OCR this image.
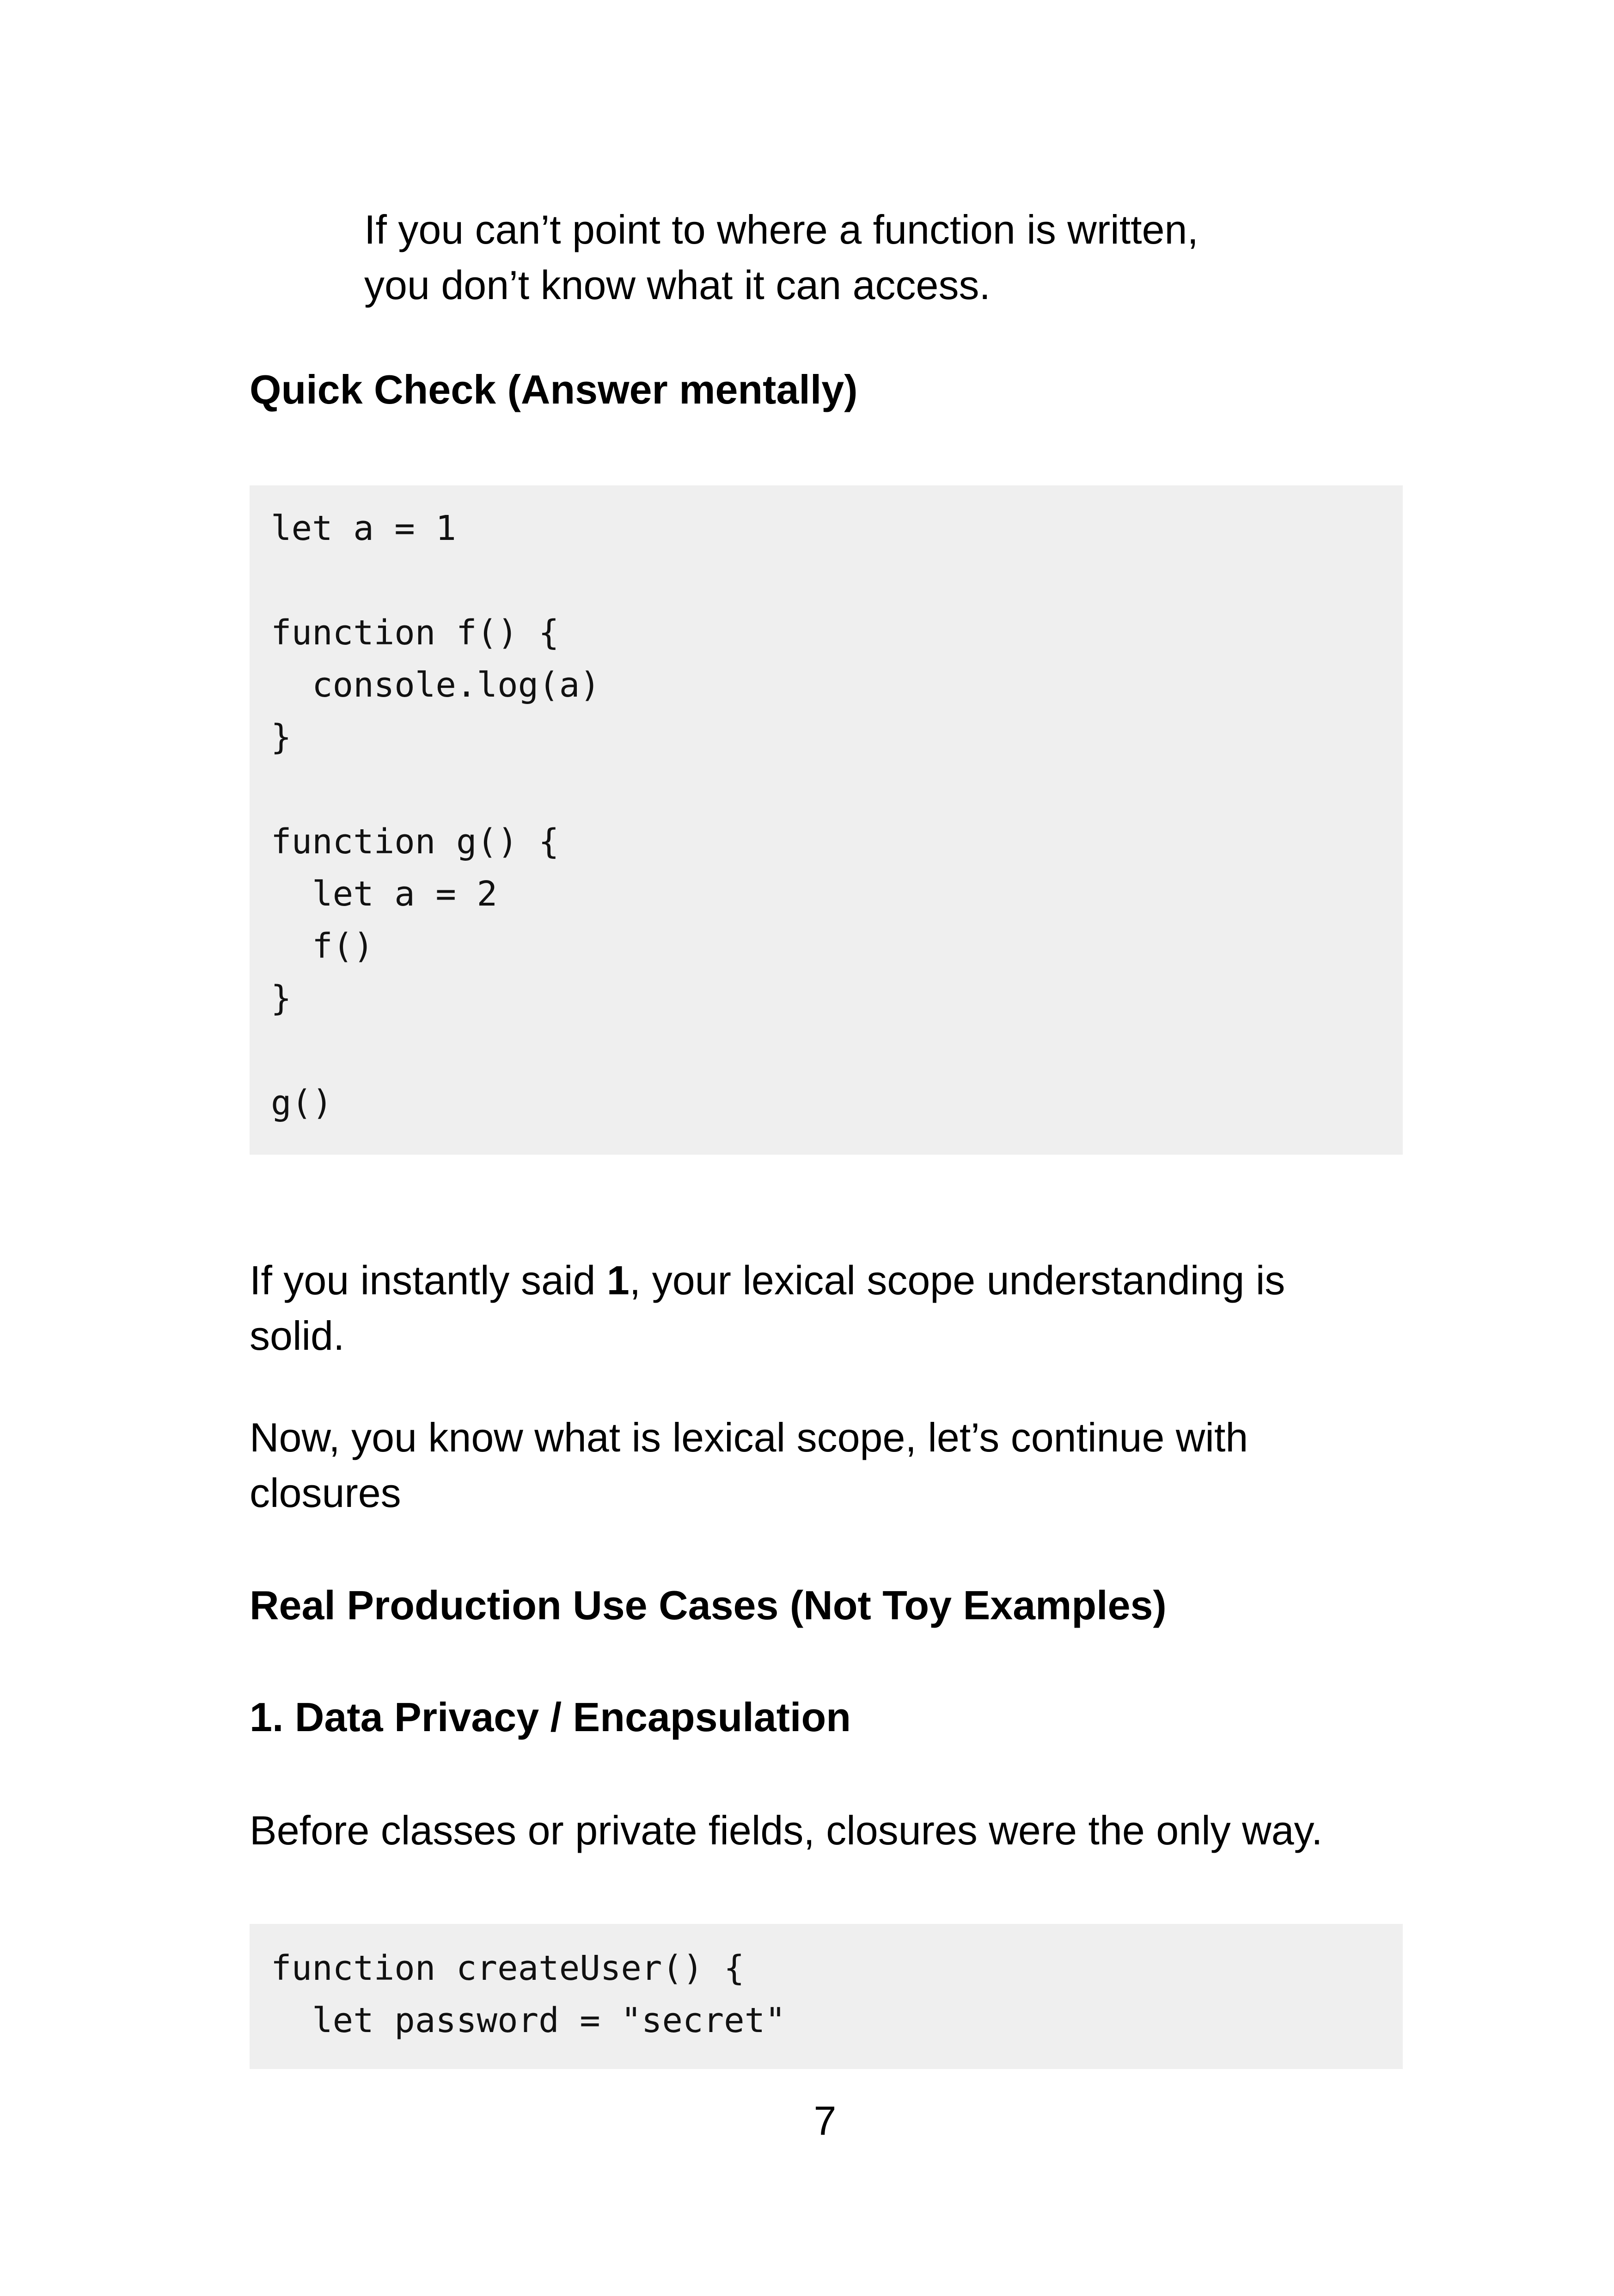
If you can’t point to where a function is written,

you don’t know what it can access.

Quick Check (Answer mentally)
let a = 1

function f() {
console.log(a)
}

function g() {
let a = 2
f()
}

g()

If you instantly said 1, your lexical scope understanding is

solid.

Now, you know what is lexical scope, let’s continue with

closures

Real Production Use Cases (Not Toy Examples)
1. Data Privacy / Encapsulation

Before classes or private fields, closures were the only way.

function createUser() {
let password = "secret"
7
